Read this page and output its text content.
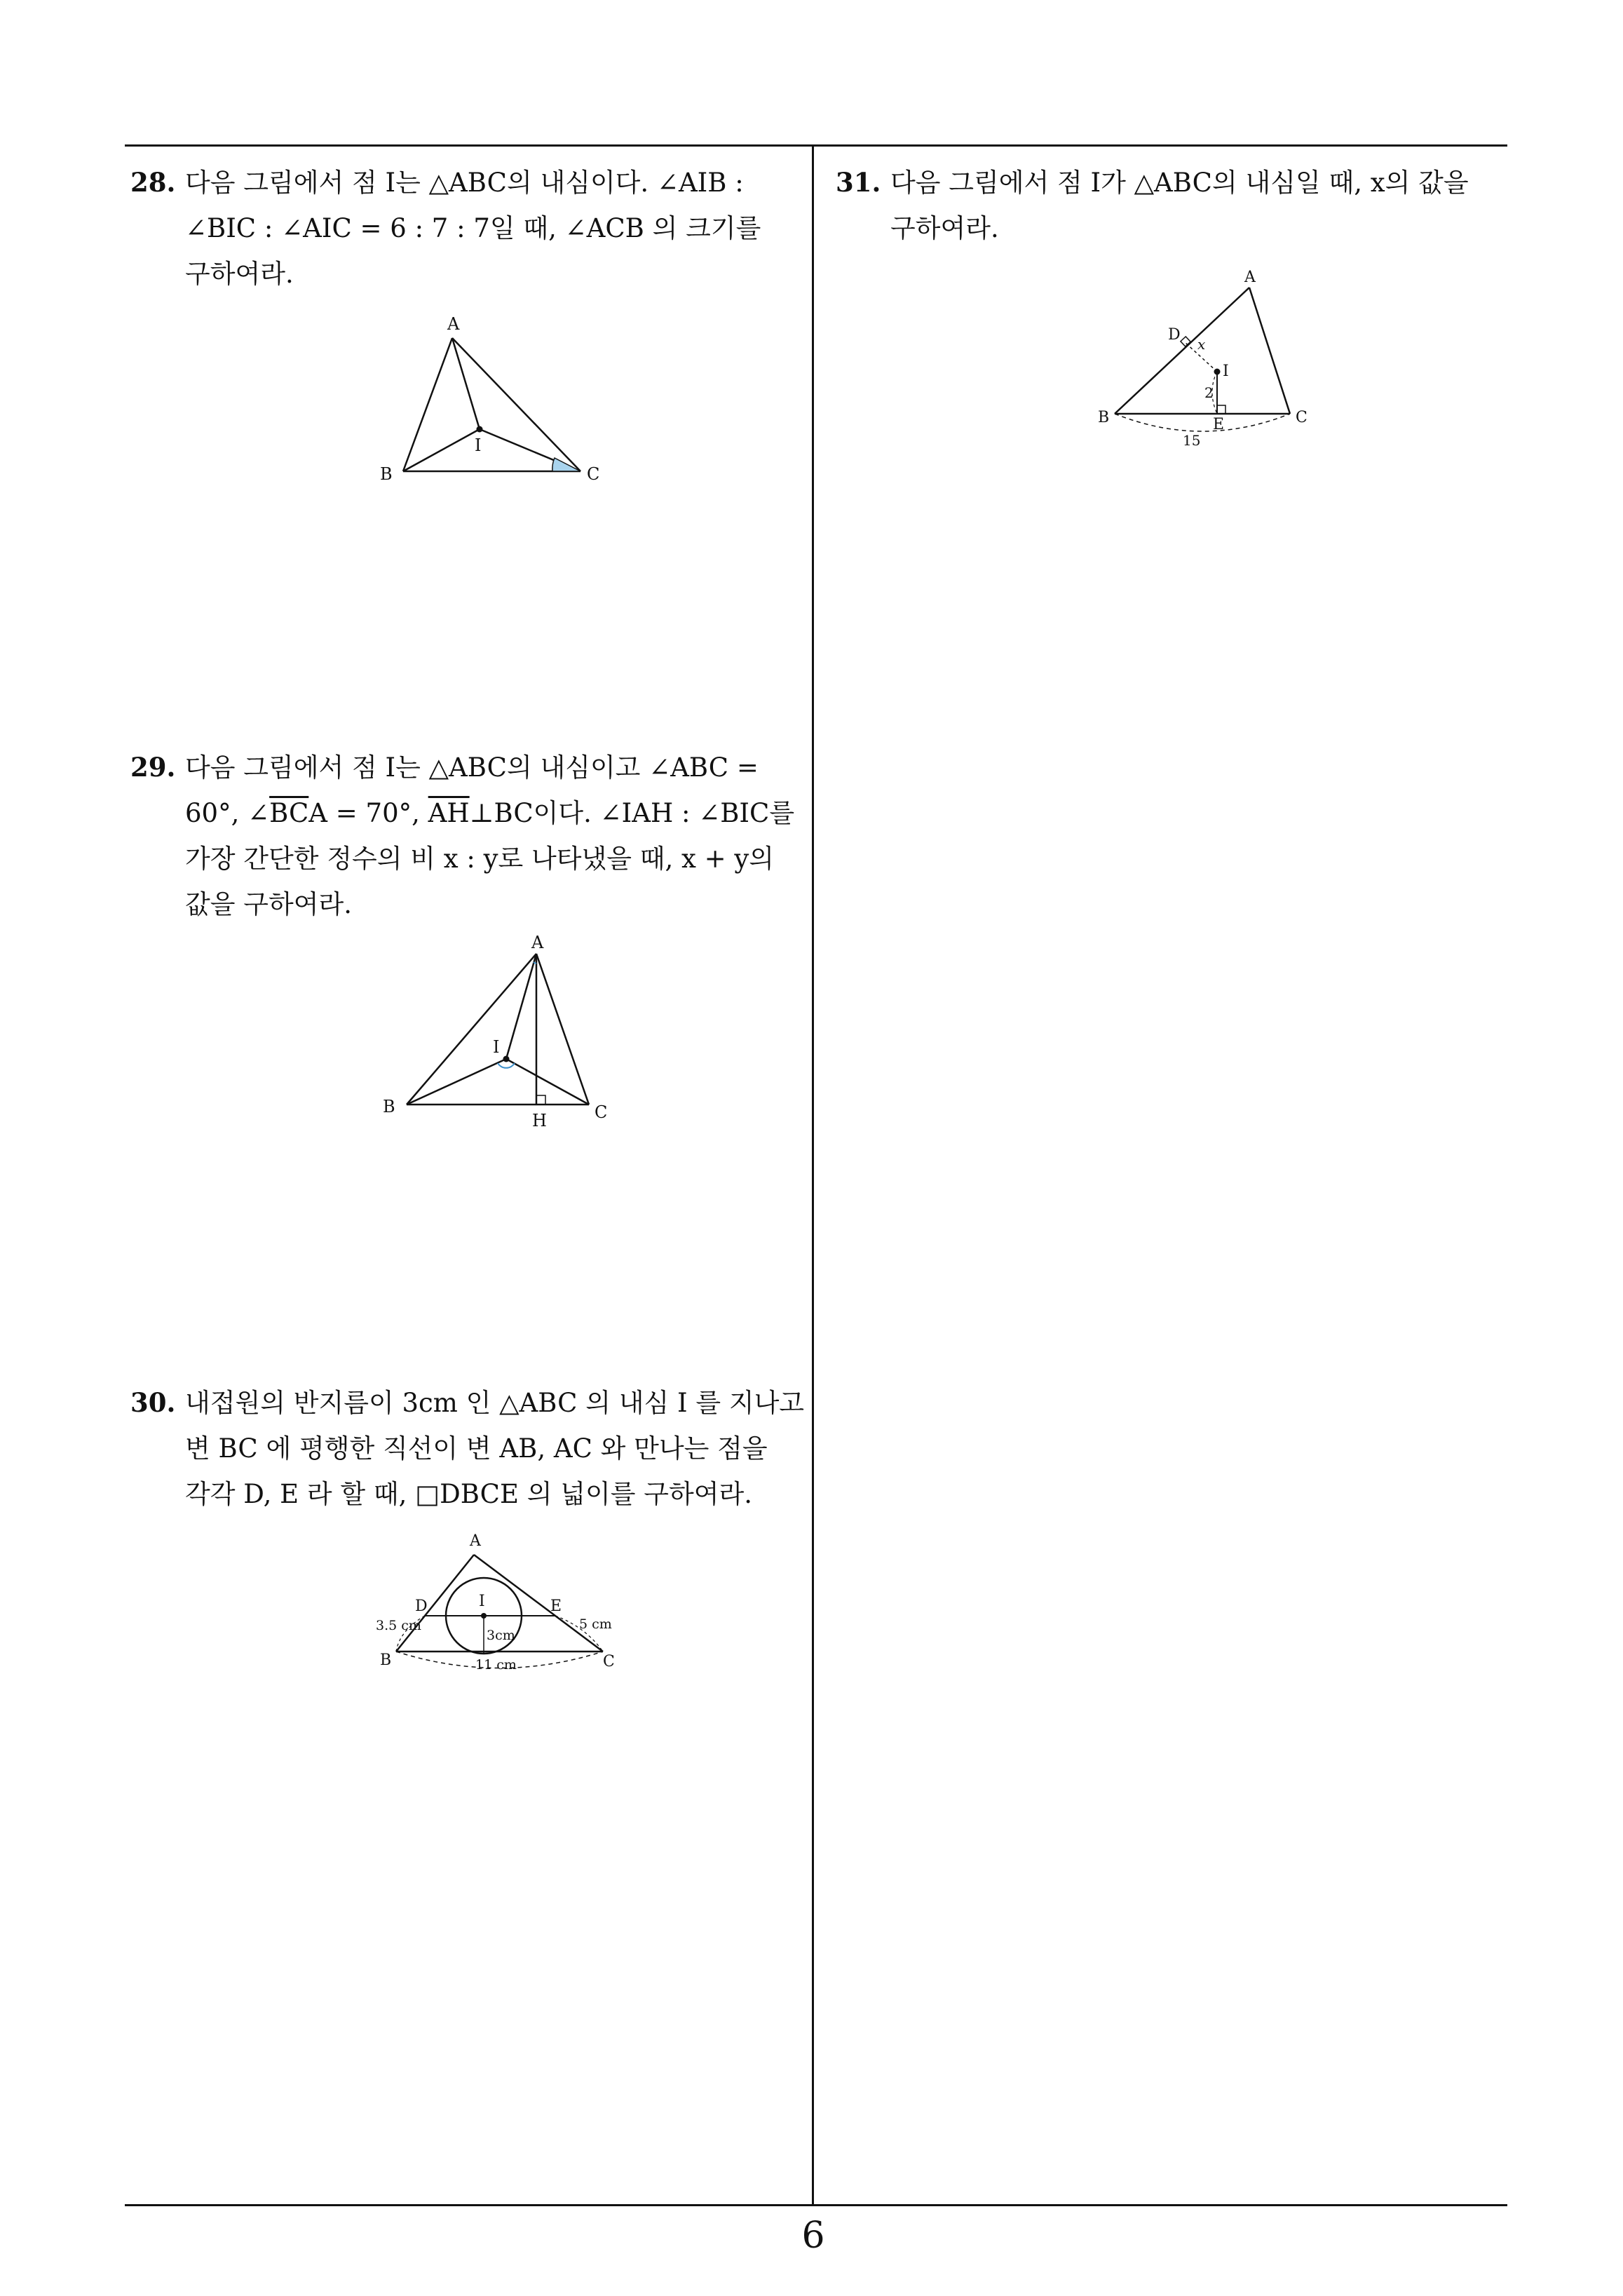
28. 다음 그림에서 점 I는 △ABC의 내심이다. ∠AIB :
∠BIC : ∠AIC = 6 : 7 : 7일 때, ∠ACB 의 크기를
구하여라.
A
B	C
I
29. 다음 그림에서 점 I는 △ABC의 내심이고 ∠ABC =
60°, $\angle\overline{BC}A = 70^\circ$, $\overline{AH}\perp BC$이다. ∠IAH : ∠BIC를
가장 간단한 정수의 비 x : y로 나타냈을 때, x + y의
값을 구하여라.
A
B	C
H
I
30. 내접원의 반지름이 3cm 인 △ABC 의 내심 I 를 지나고
변 BC 에 평행한 직선이 변 AB, AC 와 만나는 점을
각각 D, E 라 할 때, □DBCE 의 넓이를 구하여라.
A
D	E
I
B	C
3.5 cm	5 cm
3cm
11 cm
31. 다음 그림에서 점 I가 △ABC의 내심일 때, x의 값을
구하여라.
A
D
x
I
2
B	E	C
15
6
